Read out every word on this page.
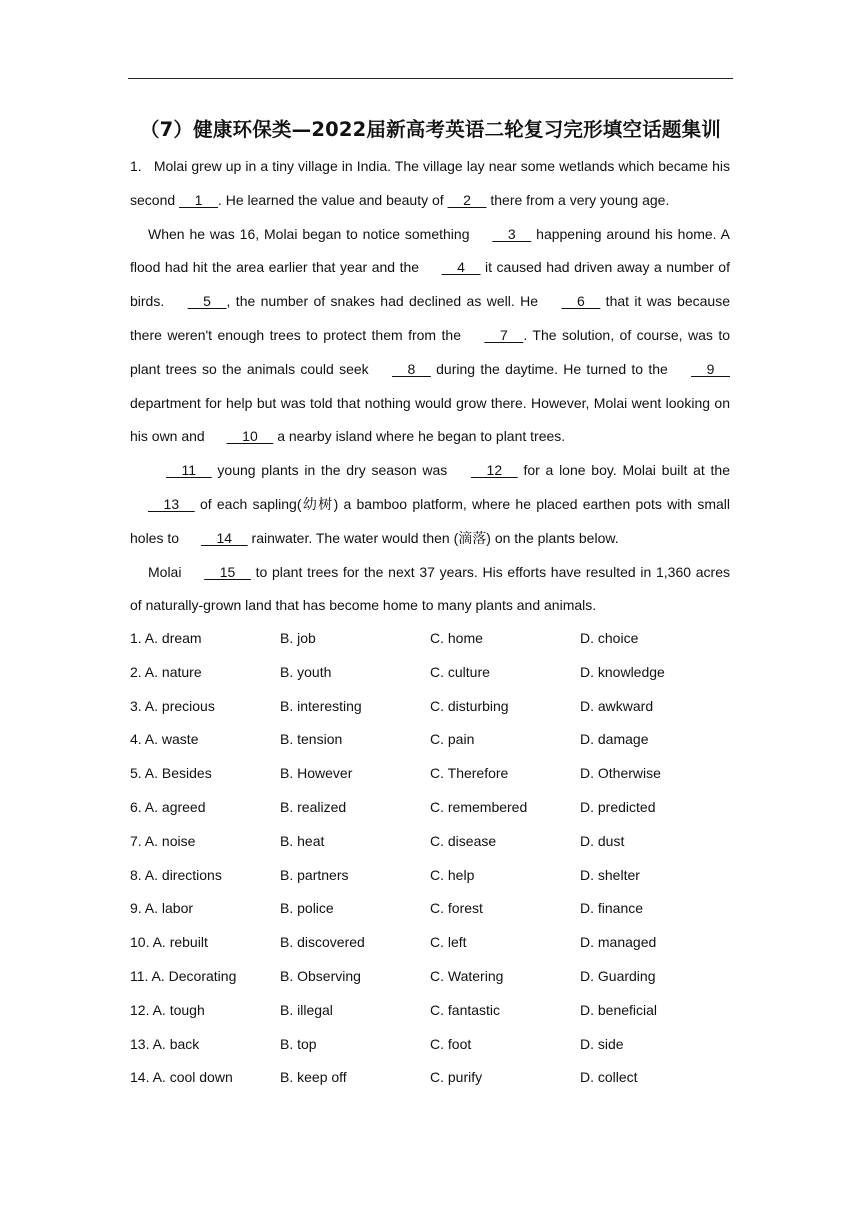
（7）健康环保类—2022届新高考英语二轮复习完形填空话题集训

1.   Molai grew up in a tiny village in India. The village lay near some wetlands which became his second     1    . He learned the value and beauty of     2     there from a very young age.

When he was 16, Molai began to notice something     3     happening around his home. A flood had hit the area earlier that year and the     4     it caused had driven away a number of birds.     5    , the number of snakes had declined as well. He     6     that it was because there weren't enough trees to protect them from the     7    . The solution, of course, was to plant trees so the animals could seek     8     during the daytime. He turned to the     9     department for help but was told that nothing would grow there. However, Molai went looking on his own and     10     a nearby island where he began to plant trees.

11     young plants in the dry season was     12     for a lone boy. Molai built at the     13     of each sapling(幼树) a bamboo platform, where he placed earthen pots with small holes to     14     rainwater. The water would then (滴落) on the plants below.

Molai     15     to plant trees for the next 37 years. His efforts have resulted in 1,360 acres of naturally-grown land that has become home to many plants and animals.

1. A. dream	B. job	C. home	D. choice
2. A. nature	B. youth	C. culture	D. knowledge
3. A. precious	B. interesting	C. disturbing	D. awkward
4. A. waste	B. tension	C. pain	D. damage
5. A. Besides	B. However	C. Therefore	D. Otherwise
6. A. agreed	B. realized	C. remembered	D. predicted
7. A. noise	B. heat	C. disease	D. dust
8. A. directions	B. partners	C. help	D. shelter
9. A. labor	B. police	C. forest	D. finance
10. A. rebuilt	B. discovered	C. left	D. managed
11. A. Decorating	B. Observing	C. Watering	D. Guarding
12. A. tough	B. illegal	C. fantastic	D. beneficial
13. A. back	B. top	C. foot	D. side
14. A. cool down	B. keep off	C. purify	D. collect
